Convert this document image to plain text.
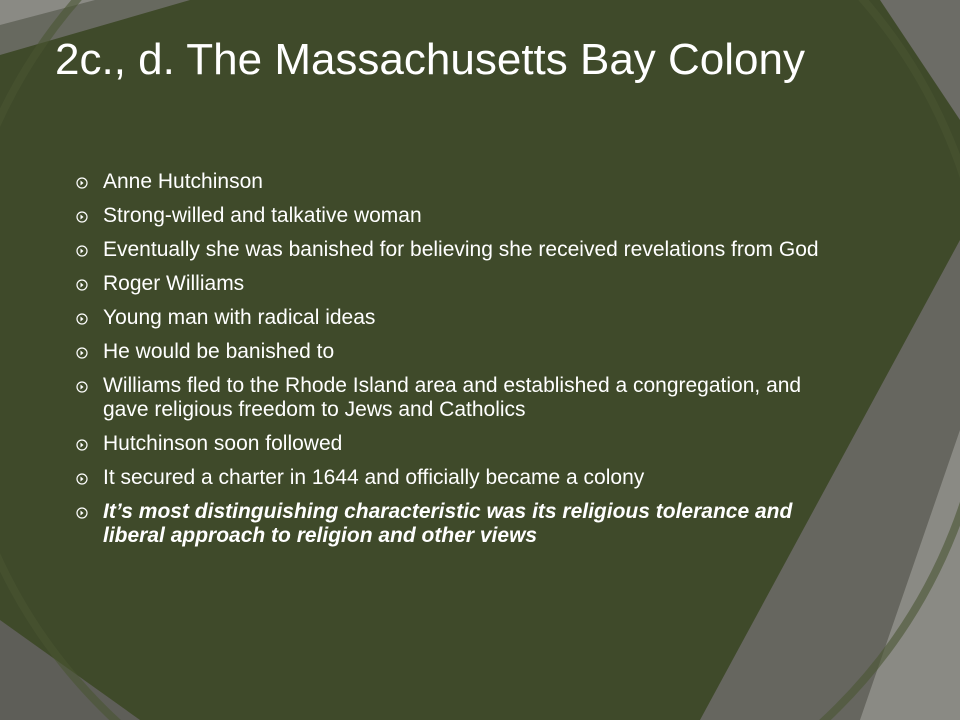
2c., d. The Massachusetts Bay Colony
Anne Hutchinson
Strong-willed and talkative woman
Eventually she was banished for believing she received revelations from God
Roger Williams
Young man with radical ideas
He would be banished to
Williams fled to the Rhode Island area and established a congregation, and gave religious freedom to Jews and Catholics
Hutchinson soon followed
It secured a charter in 1644 and officially became a colony
It’s most distinguishing characteristic was its religious tolerance and liberal approach to religion and other views
